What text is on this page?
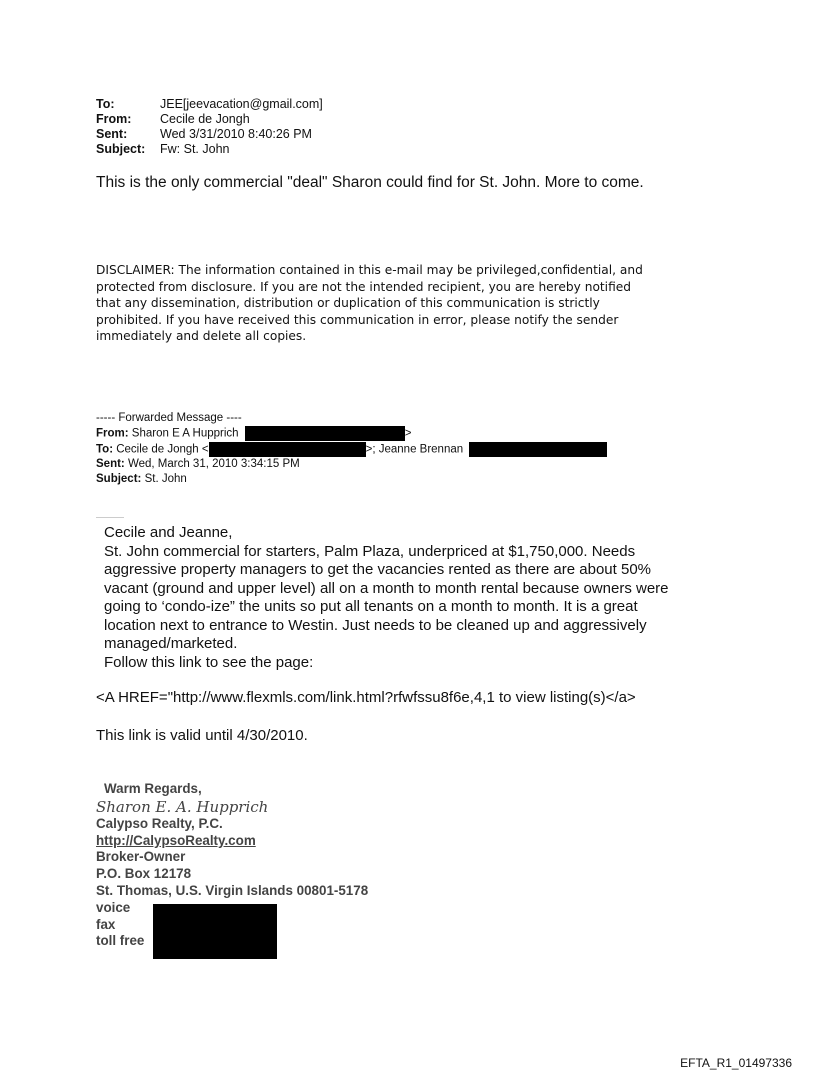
To:	JEE[jeevacation@gmail.com]
From: Cecile de Jongh
Sent:	Wed 3/31/2010 8:40:26 PM
Subject: Fw: St. John
This is the only commercial "deal" Sharon could find for St. John. More to come.
DISCLAIMER: The information contained in this e-mail may be privileged,confidential, and
protected from disclosure. If you are not the intended recipient, you are hereby notified
that any dissemination, distribution or duplication of this communication is strictly
prohibited. If you have received this communication in error, please notify the sender
immediately and delete all copies.
----- Forwarded Message ----
From: Sharon E A Hupprich	>
To: Cecile de Jongh <	>; Jeanne Brennan
Sent: Wed, March 31, 2010 3:34:15 PM
Subject: St. John
Cecile and Jeanne,
St. John commercial for starters, Palm Plaza, underpriced at $1,750,000. Needs
aggressive property managers to get the vacancies rented as there are about 50%
vacant (ground and upper level) all on a month to month rental because owners were
going to ‘condo-ize” the units so put all tenants on a month to month. It is a great
location next to entrance to Westin. Just needs to be cleaned up and aggressively
managed/marketed.
Follow this link to see the page:
<A HREF="http://www.flexmls.com/link.html?rfwfssu8f6e,4,1 to view listing(s)</a>
This link is valid until 4/30/2010.
Warm Regards,
Sharon E. A. Hupprich
Calypso Realty, P.C.
http://CalypsoRealty.com
Broker-Owner
P.O. Box 12178
St. Thomas, U.S. Virgin Islands 00801-5178
voice
fax
toll free
EFTA_R1_01497336
